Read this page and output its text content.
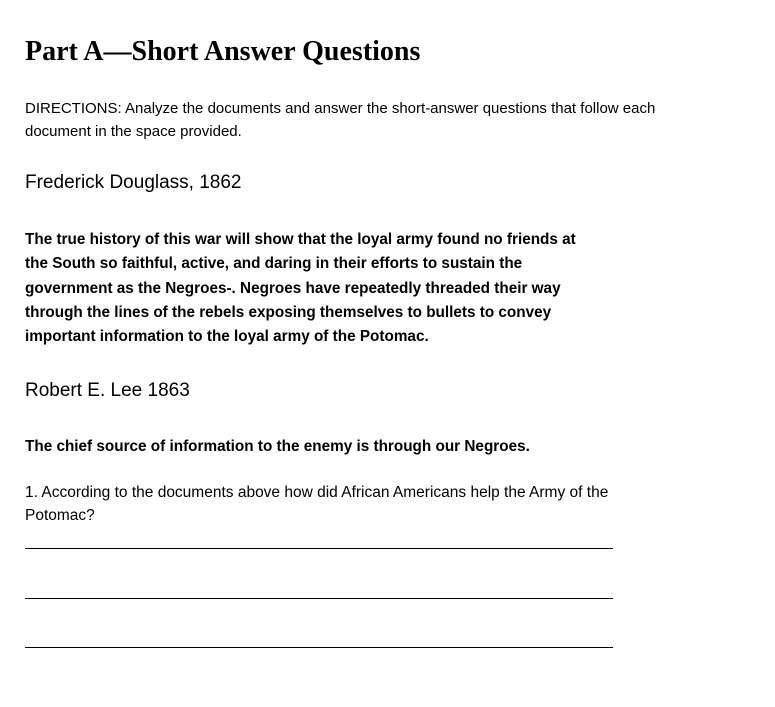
Part A—Short Answer Questions
DIRECTIONS: Analyze the documents and answer the short-answer questions that follow each
document in the space provided.
Frederick Douglass, 1862
The true history of this war will show that the loyal army found no friends at
the South so faithful, active, and daring in their efforts to sustain the
government as the Negroes-. Negroes have repeatedly threaded their way
through the lines of the rebels exposing themselves to bullets to convey
important information to the loyal army of the Potomac.
Robert E. Lee 1863
The chief source of information to the enemy is through our Negroes.
1. According to the documents above how did African Americans help the Army of the
Potomac?
